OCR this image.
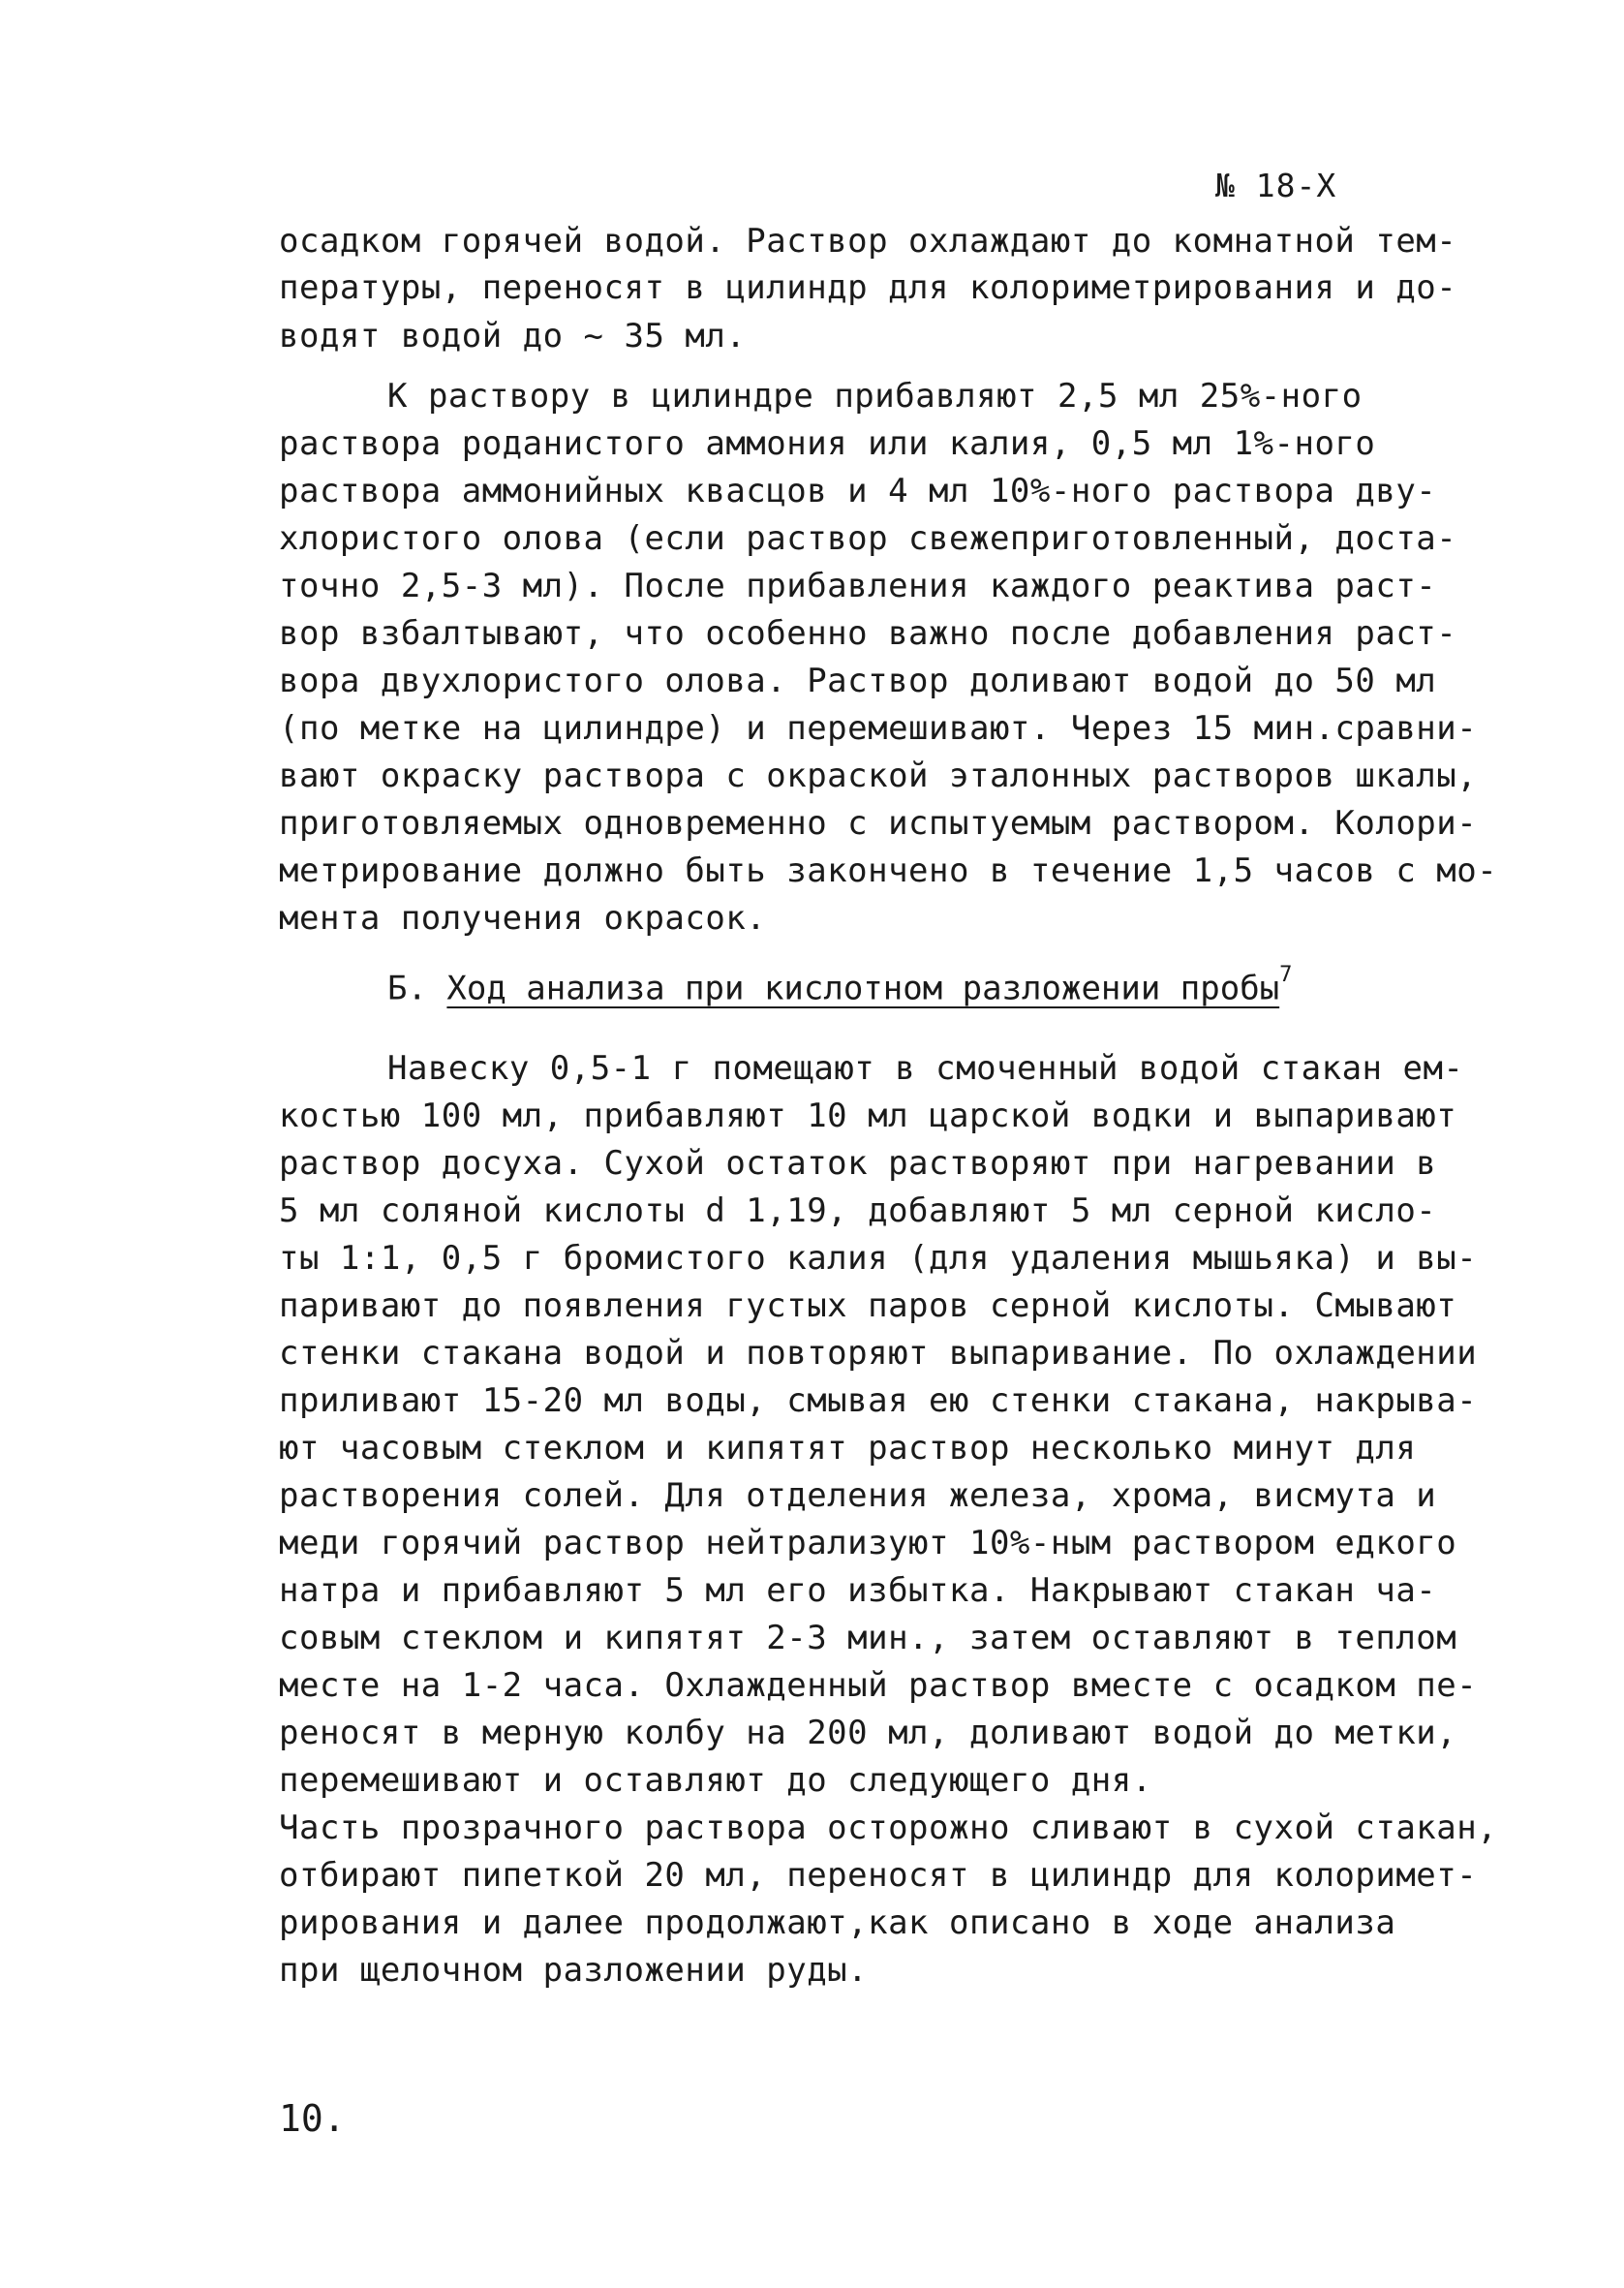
№ 18-Х
осадком горячей водой. Раствор охлаждают до комнатной тем-
пературы, переносят в цилиндр для колориметрирования и до-
водят водой до ~ 35 мл.
К раствору в цилиндре прибавляют 2,5 мл 25%-ного
раствора роданистого аммония или калия, 0,5 мл 1%-ного
раствора аммонийных квасцов и 4 мл 10%-ного раствора дву-
хлористого олова (если раствор свежеприготовленный, доста-
точно 2,5-3 мл). После прибавления каждого реактива раст-
вор взбалтывают, что особенно важно после добавления раст-
вора двухлористого олова. Раствор доливают водой до 50 мл
(по метке на цилиндре) и перемешивают. Через 15 мин.сравни-
вают окраску раствора с окраской эталонных растворов шкалы,
приготовляемых одновременно с испытуемым раствором. Колори-
метрирование должно быть закончено в течение 1,5 часов с мо-
мента получения окрасок.
Б. Ход анализа при кислотном разложении пробы$^7$
Навеску 0,5-1 г помещают в смоченный водой стакан ем-
костью 100 мл, прибавляют 10 мл царской водки и выпаривают
раствор досуха. Сухой остаток растворяют при нагревании в
5 мл соляной кислоты d 1,19, добавляют 5 мл серной кисло-
ты 1:1, 0,5 г бромистого калия (для удаления мышьяка) и вы-
паривают до появления густых паров серной кислоты. Смывают
стенки стакана водой и повторяют выпаривание. По охлаждении
приливают 15-20 мл воды, смывая ею стенки стакана, накрыва-
ют часовым стеклом и кипятят раствор несколько минут для
растворения солей. Для отделения железа, хрома, висмута и
меди горячий раствор нейтрализуют 10%-ным раствором едкого
натра и прибавляют 5 мл его избытка. Накрывают стакан ча-
совым стеклом и кипятят 2-3 мин., затем оставляют в теплом
месте на 1-2 часа. Охлажденный раствор вместе с осадком пе-
реносят в мерную колбу на 200 мл, доливают водой до метки,
перемешивают и оставляют до следующего дня.
Часть прозрачного раствора осторожно сливают в сухой стакан,
отбирают пипеткой 20 мл, переносят в цилиндр для колоримет-
рирования и далее продолжают,как описано в ходе анализа
при щелочном разложении руды.
10.
